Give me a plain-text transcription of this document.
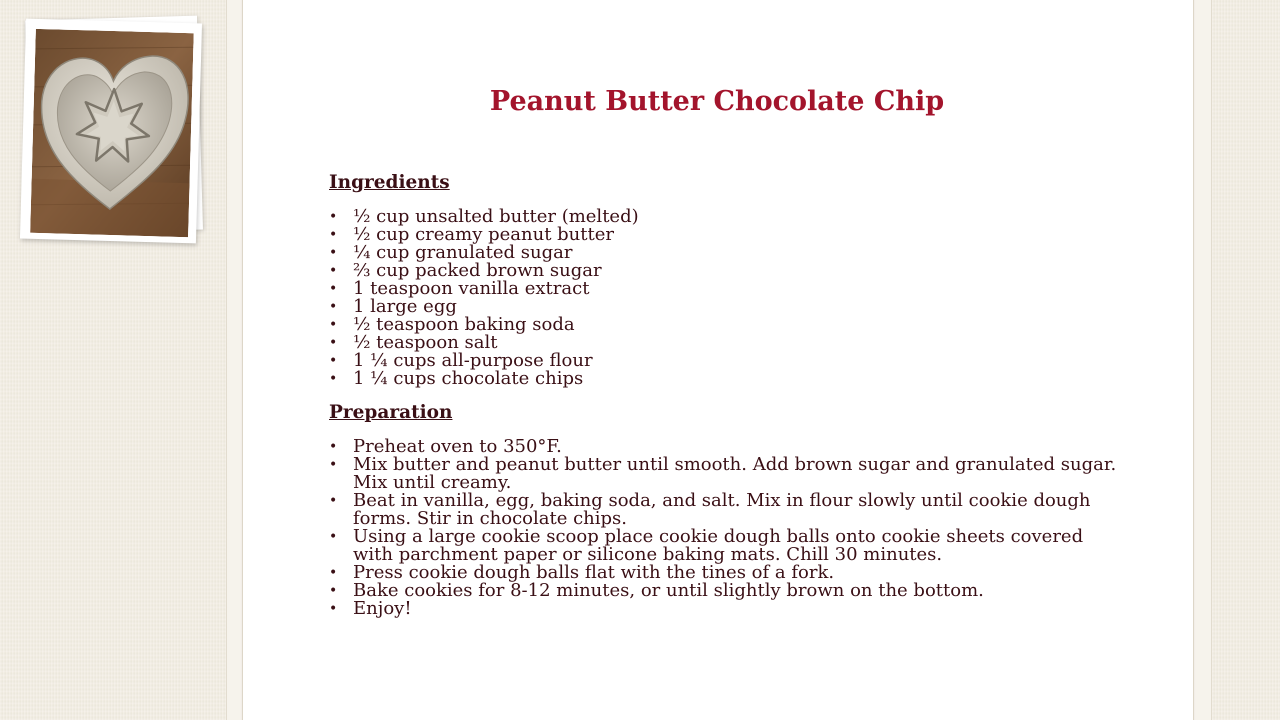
Peanut Butter Chocolate Chip
Ingredients
• ½ cup unsalted butter (melted)
• ½ cup creamy peanut butter
• ¼ cup granulated sugar
• ⅔ cup packed brown sugar
• 1 teaspoon vanilla extract
• 1 large egg
• ½ teaspoon baking soda
• ½ teaspoon salt
• 1 ¼ cups all-purpose flour
• 1 ¼ cups chocolate chips
Preparation
• Preheat oven to 350°F.
• Mix butter and peanut butter until smooth. Add brown sugar and granulated sugar. Mix until creamy.
• Beat in vanilla, egg, baking soda, and salt. Mix in flour slowly until cookie dough forms. Stir in chocolate chips.
• Using a large cookie scoop place cookie dough balls onto cookie sheets covered with parchment paper or silicone baking mats. Chill 30 minutes.
• Press cookie dough balls flat with the tines of a fork.
• Bake cookies for 8-12 minutes, or until slightly brown on the bottom.
• Enjoy!
